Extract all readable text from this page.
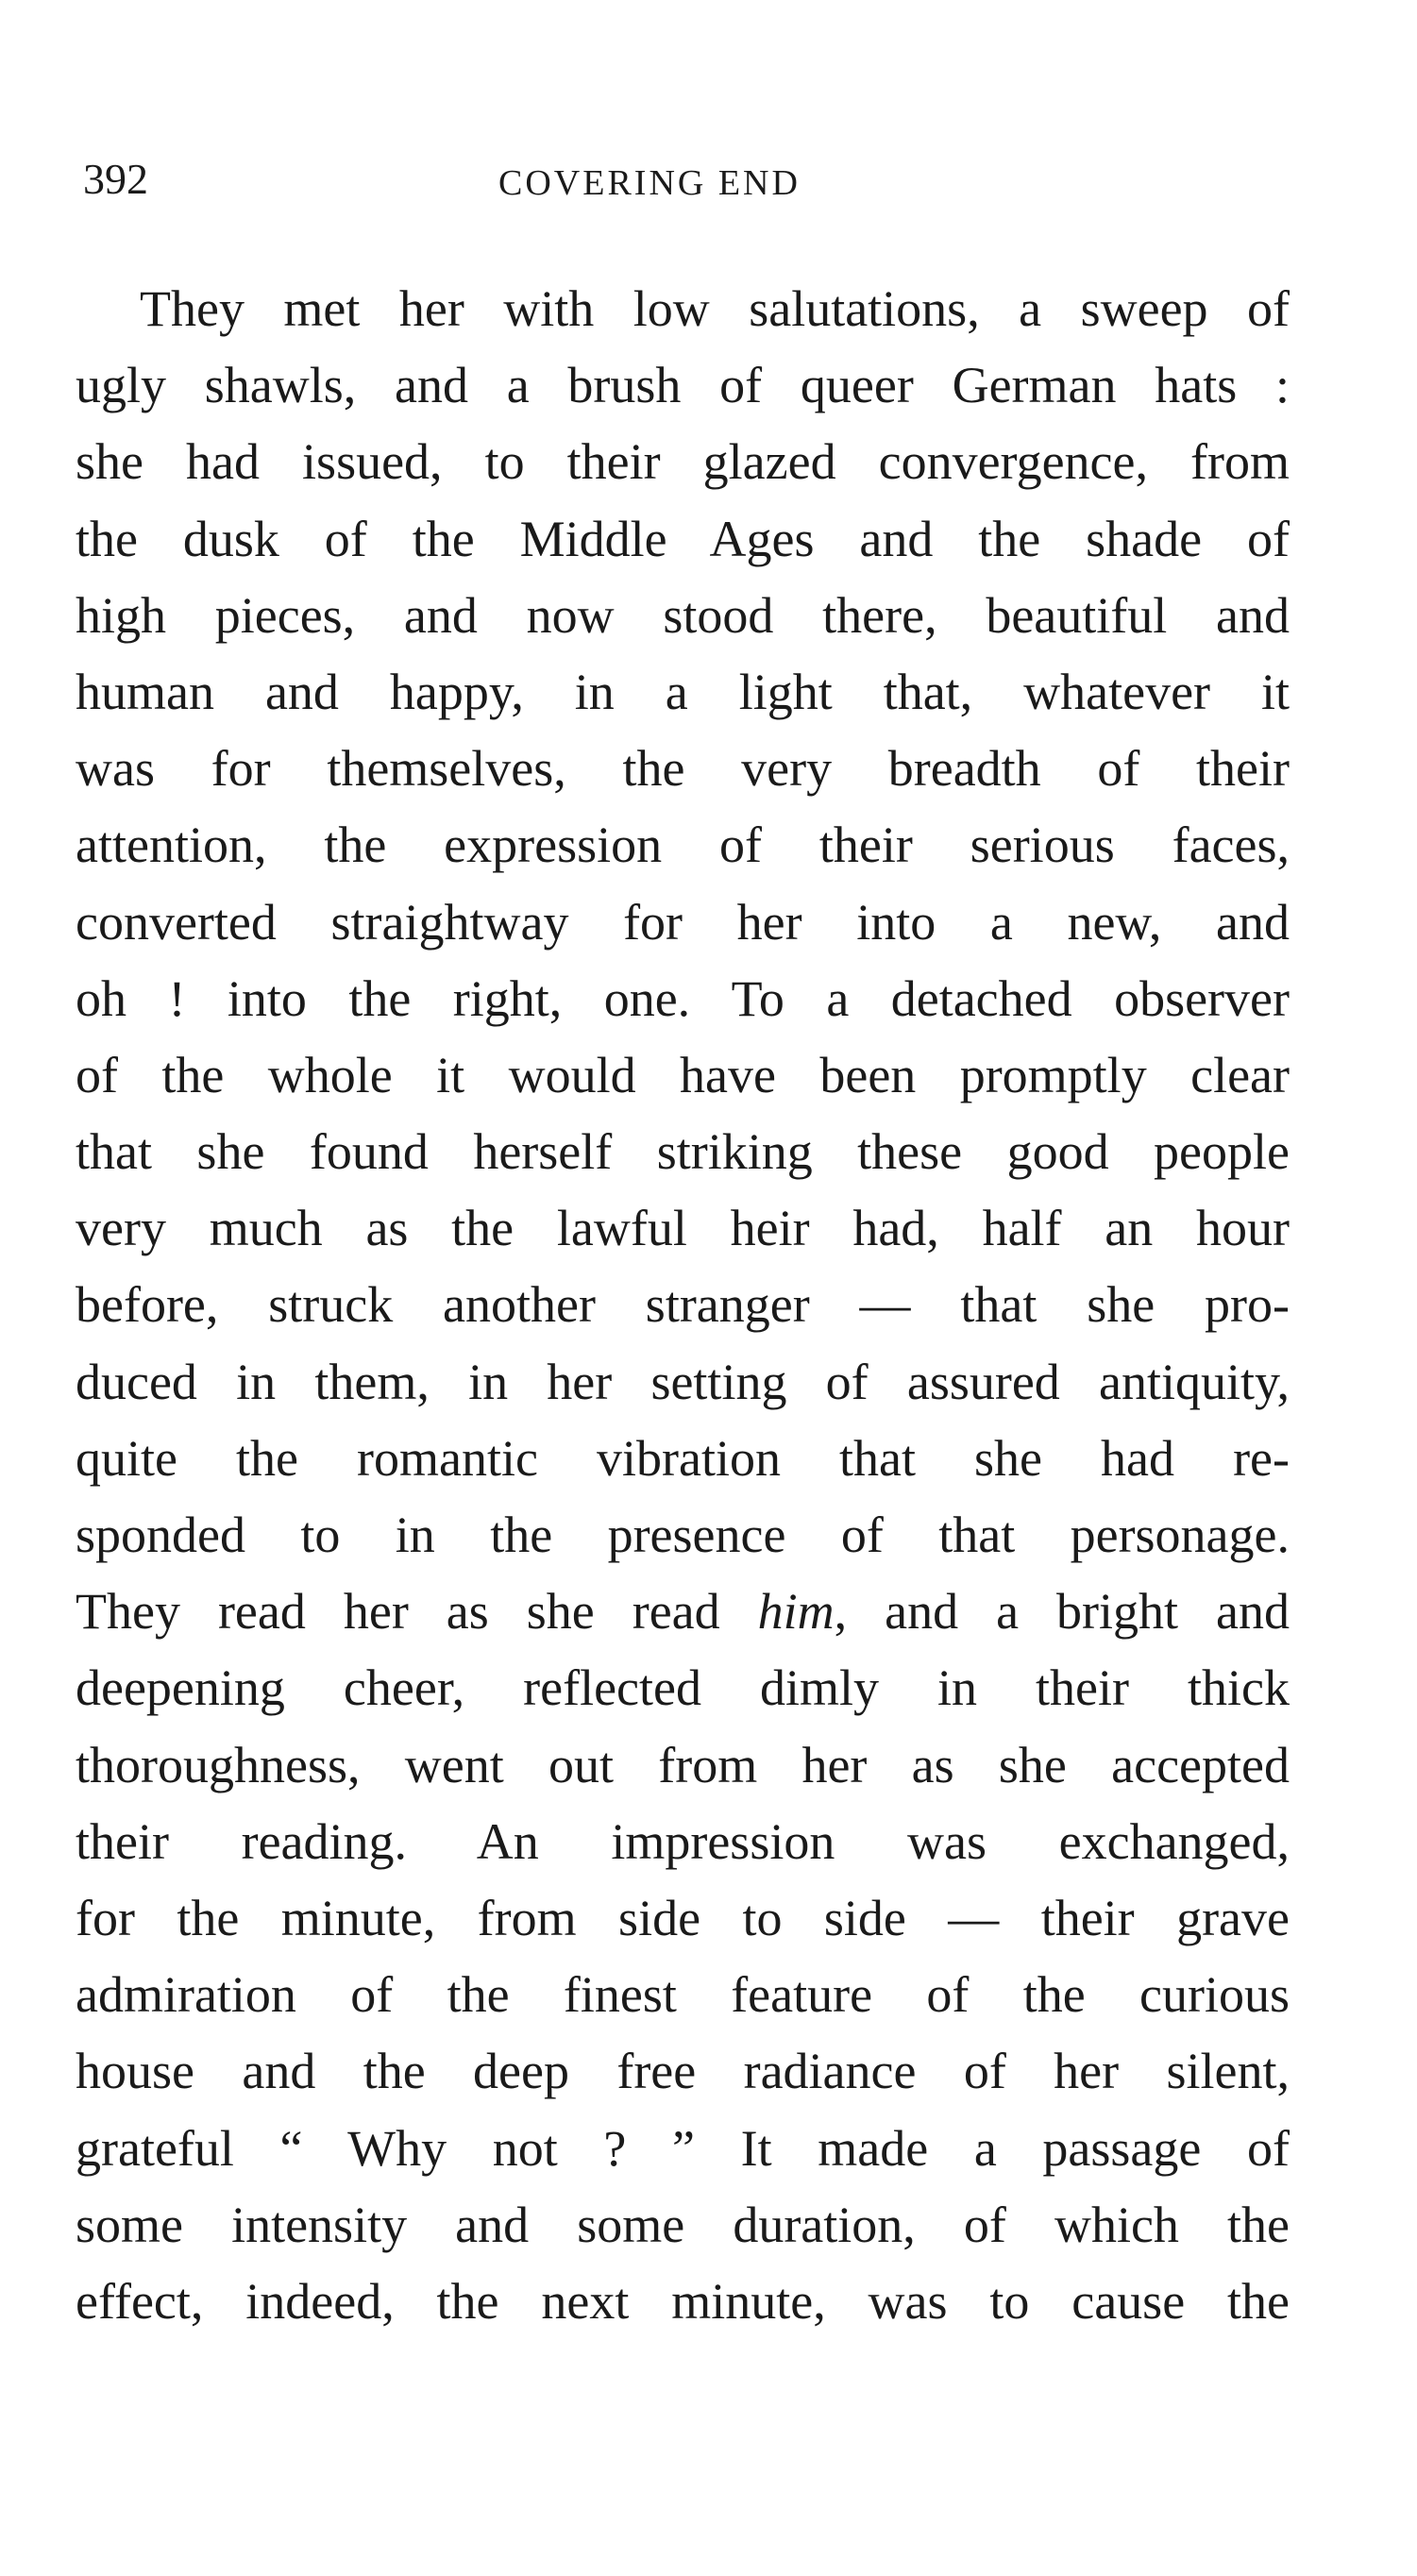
392	COVERING END
They met her with low salutations, a sweep of
ugly shawls, and a brush of queer German hats :
she had issued, to their glazed convergence, from
the dusk of the Middle Ages and the shade of
high pieces, and now stood there, beautiful and
human and happy, in a light that, whatever it
was for themselves, the very breadth of their
attention, the expression of their serious faces,
converted straightway for her into a new, and
oh ! into the right, one. To a detached observer
of the whole it would have been promptly clear
that she found herself striking these good people
very much as the lawful heir had, half an hour
before, struck another stranger — that she pro-
duced in them, in her setting of assured antiquity,
quite the romantic vibration that she had re-
sponded to in the presence of that personage.
They read her as she read him, and a bright and
deepening cheer, reflected dimly in their thick
thoroughness, went out from her as she accepted
their reading. An impression was exchanged,
for the minute, from side to side — their grave
admiration of the finest feature of the curious
house and the deep free radiance of her silent,
grateful “ Why not ? ” It made a passage of
some intensity and some duration, of which the
effect, indeed, the next minute, was to cause the
